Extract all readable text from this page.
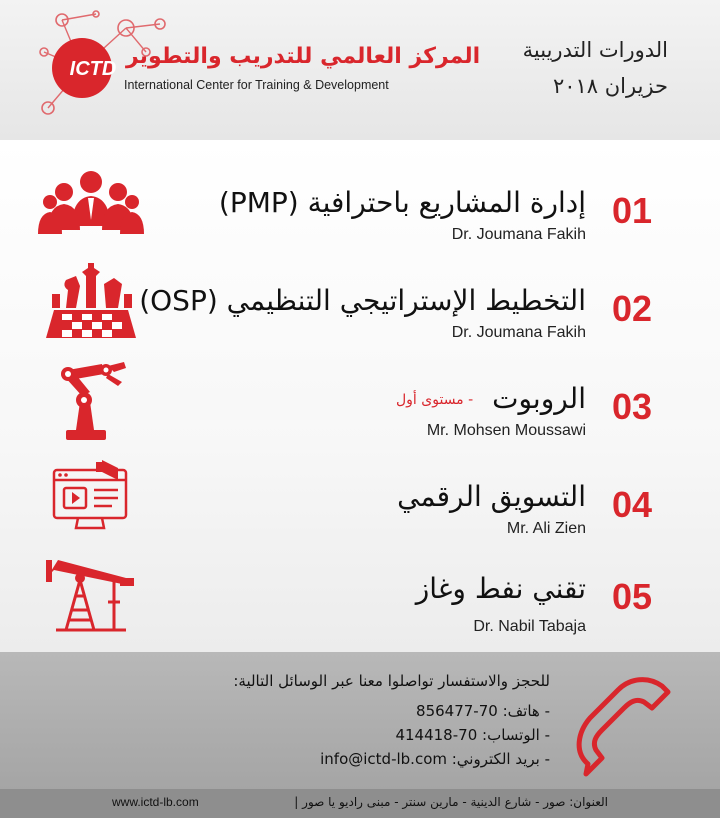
ICTD المركز العالمي للتدريب والتطوير
International Center for Training & Development
الدورات التدريبية
حزيران ٢٠١٨
01
إدارة المشاريع باحترافية (PMP)
Dr. Joumana Fakih
02
التخطيط الإستراتيجي التنظيمي (OSP)
Dr. Joumana Fakih
03
الروبوت - مستوى أول
Mr. Mohsen Moussawi
04
التسويق الرقمي
Mr. Ali Zien
05
تقني نفط وغاز
Dr. Nabil Tabaja
للحجز والاستفسار تواصلوا معنا عبر الوسائل التالية:
- هاتف: 70-856477
- الوتساب: 70-414418
- بريد الكتروني: info@ictd-lb.com
العنوان: صور - شارع الدينية - مارين سنتر - مبنى راديو يا صور |
www.ictd-lb.com
